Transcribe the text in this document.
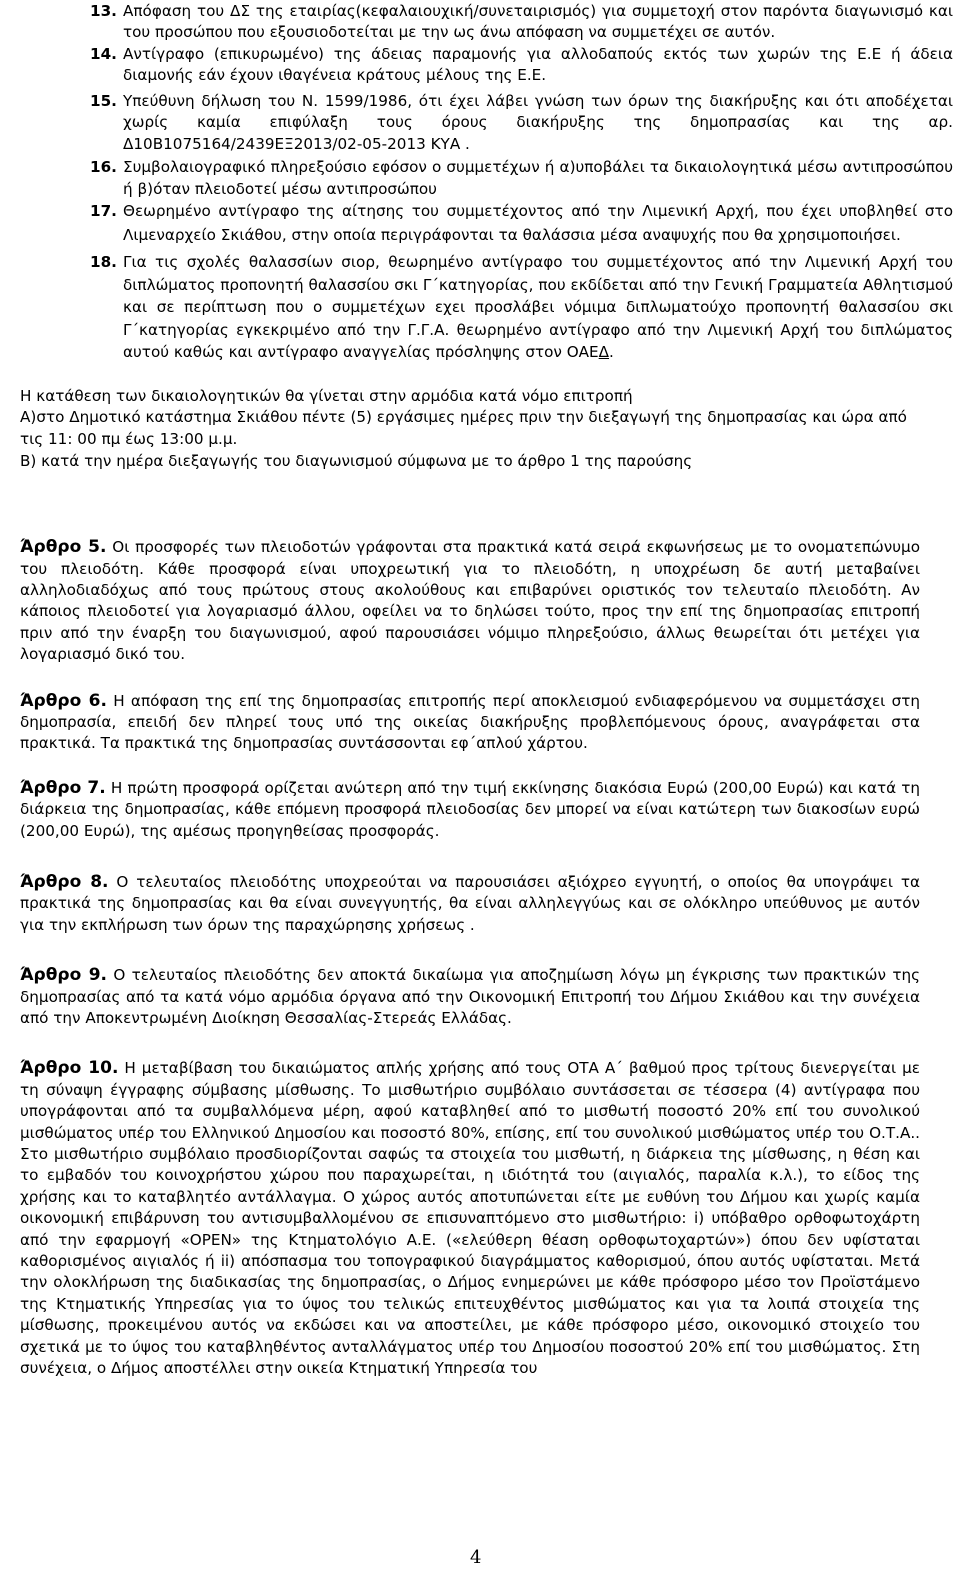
13. Απόφαση του ΔΣ της εταιρίας(κεφαλαιουχική/συνεταιρισμός) για συμμετοχή στον παρόντα διαγωνισμό και του προσώπου που εξουσιοδοτείται με την ως άνω απόφαση να συμμετέχει σε αυτόν.
14. Αντίγραφο (επικυρωμένο) της άδειας παραμονής για αλλοδαπούς εκτός των χωρών της Ε.Ε ή άδεια διαμονής εάν έχουν ιθαγένεια κράτους μέλους της Ε.Ε.
15. Υπεύθυνη δήλωση του Ν. 1599/1986, ότι έχει λάβει γνώση των όρων της διακήρυξης και ότι αποδέχεται χωρίς καμία επιφύλαξη τους όρους διακήρυξης της δημοπρασίας και της αρ. Δ10Β1075164/2439ΕΞ2013/02-05-2013 ΚΥΑ .
16. Συμβολαιογραφικό πληρεξούσιο εφόσον ο συμμετέχων ή α)υποβάλει τα δικαιολογητικά μέσω αντιπροσώπου ή β)όταν πλειοδοτεί μέσω αντιπροσώπου
17. Θεωρημένο αντίγραφο της αίτησης του συμμετέχοντος από την Λιμενική Αρχή, που έχει υποβληθεί στο Λιμεναρχείο Σκιάθου, στην οποία περιγράφονται τα θαλάσσια μέσα αναψυχής που θα χρησιμοποιήσει.
18. Για τις σχολές θαλασσίων σιορ, θεωρημένο αντίγραφο του συμμετέχοντος από την Λιμενική Αρχή του διπλώματος προπονητή θαλασσίου σκι Γ΄κατηγορίας, που εκδίδεται από την Γενική Γραμματεία Αθλητισμού και σε περίπτωση που ο συμμετέχων εχει προσλάβει νόμιμα διπλωματούχο προπονητή θαλασσίου σκι Γ΄κατηγορίας εγκεκριμένο από την Γ.Γ.Α. θεωρημένο αντίγραφο από την Λιμενική Αρχή του διπλώματος αυτού καθώς και αντίγραφο αναγγελίας πρόσληψης στον ΟΑΕΔ.

Η κατάθεση των δικαιολογητικών θα γίνεται στην αρμόδια κατά νόμο επιτροπή

Α)στο Δημοτικό κατάστημα Σκιάθου πέντε (5) εργάσιμες ημέρες πριν την διεξαγωγή της δημοπρασίας και ώρα από τις 11: 00 πμ έως 13:00 μ.μ.

Β) κατά την ημέρα διεξαγωγής του διαγωνισμού σύμφωνα με το άρθρο 1 της παρούσης

Άρθρο 5. Οι προσφορές των πλειοδοτών γράφονται στα πρακτικά κατά σειρά εκφωνήσεως με το ονοματεπώνυμο του πλειοδότη. Κάθε προσφορά είναι υποχρεωτική για το πλειοδότη, η υποχρέωση δε αυτή μεταβαίνει αλληλοδιαδόχως από τους πρώτους στους ακολούθους και επιβαρύνει οριστικός τον τελευταίο πλειοδότη. Αν κάποιος πλειοδοτεί για λογαριασμό άλλου, οφείλει να το δηλώσει τούτο, προς την επί της δημοπρασίας επιτροπή πριν από την έναρξη του διαγωνισμού, αφού παρουσιάσει νόμιμο πληρεξούσιο, άλλως θεωρείται ότι μετέχει για λογαριασμό δικό του.

Άρθρο 6. Η απόφαση της επί της δημοπρασίας επιτροπής περί αποκλεισμού ενδιαφερόμενου να συμμετάσχει στη δημοπρασία, επειδή δεν πληρεί τους υπό της οικείας διακήρυξης προβλεπόμενους όρους, αναγράφεται στα πρακτικά. Τα πρακτικά της δημοπρασίας συντάσσονται εφ΄απλού χάρτου.

Άρθρο 7. Η πρώτη προσφορά ορίζεται ανώτερη από την τιμή εκκίνησης διακόσια Ευρώ (200,00 Ευρώ) και κατά τη διάρκεια της δημοπρασίας, κάθε επόμενη προσφορά πλειοδοσίας δεν μπορεί να είναι κατώτερη των διακοσίων ευρώ (200,00 Ευρώ), της αμέσως προηγηθείσας προσφοράς.

Άρθρο 8. Ο τελευταίος πλειοδότης υποχρεούται να παρουσιάσει αξιόχρεο εγγυητή, ο οποίος θα υπογράψει τα πρακτικά της δημοπρασίας και θα είναι συνεγγυητής, θα είναι αλληλεγγύως και σε ολόκληρο υπεύθυνος με αυτόν για την εκπλήρωση των όρων της παραχώρησης χρήσεως .

Άρθρο 9. Ο τελευταίος πλειοδότης δεν αποκτά δικαίωμα για αποζημίωση λόγω μη έγκρισης των πρακτικών της δημοπρασίας από τα κατά νόμο αρμόδια όργανα από την Οικονομική Επιτροπή του Δήμου Σκιάθου και την συνέχεια από την Αποκεντρωμένη Διοίκηση Θεσσαλίας-Στερεάς Ελλάδας.

Άρθρο 10. Η μεταβίβαση του δικαιώματος απλής χρήσης από τους ΟΤΑ Α΄ βαθμού προς τρίτους διενεργείται με τη σύναψη έγγραφης σύμβασης μίσθωσης. Το μισθωτήριο συμβόλαιο συντάσσεται σε τέσσερα (4) αντίγραφα που υπογράφονται από τα συμβαλλόμενα μέρη, αφού καταβληθεί από το μισθωτή ποσοστό 20% επί του συνολικού μισθώματος υπέρ του Ελληνικού Δημοσίου και ποσοστό 80%, επίσης, επί του συνολικού μισθώματος υπέρ του Ο.Τ.Α.. Στο μισθωτήριο συμβόλαιο προσδιορίζονται σαφώς τα στοιχεία του μισθωτή, η διάρκεια της μίσθωσης, η θέση και το εμβαδόν του κοινοχρήστου χώρου που παραχωρείται, η ιδιότητά του (αιγιαλός, παραλία κ.λ.), το είδος της χρήσης και το καταβλητέο αντάλλαγμα. Ο χώρος αυτός αποτυπώνεται είτε με ευθύνη του Δήμου και χωρίς καμία οικονομική επιβάρυνση του αντισυμβαλλομένου σε επισυναπτόμενο στο μισθωτήριο: i) υπόβαθρο ορθοφωτοχάρτη από την εφαρμογή «OPEN» της Κτηματολόγιο Α.Ε. («ελεύθερη θέαση ορθοφωτοχαρτών») όπου δεν υφίσταται καθορισμένος αιγιαλός ή ii) απόσπασμα του τοπογραφικού διαγράμματος καθορισμού, όπου αυτός υφίσταται. Μετά την ολοκλήρωση της διαδικασίας της δημοπρασίας, ο Δήμος ενημερώνει με κάθε πρόσφορο μέσο τον Προϊστάμενο της Κτηματικής Υπηρεσίας για το ύψος του τελικώς επιτευχθέντος μισθώματος και για τα λοιπά στοιχεία της μίσθωσης, προκειμένου αυτός να εκδώσει και να αποστείλει, με κάθε πρόσφορο μέσο, οικονομικό στοιχείο του σχετικά με το ύψος του καταβληθέντος ανταλλάγματος υπέρ του Δημοσίου ποσοστού 20% επί του μισθώματος. Στη συνέχεια, ο Δήμος αποστέλλει στην οικεία Κτηματική Υπηρεσία του

4
